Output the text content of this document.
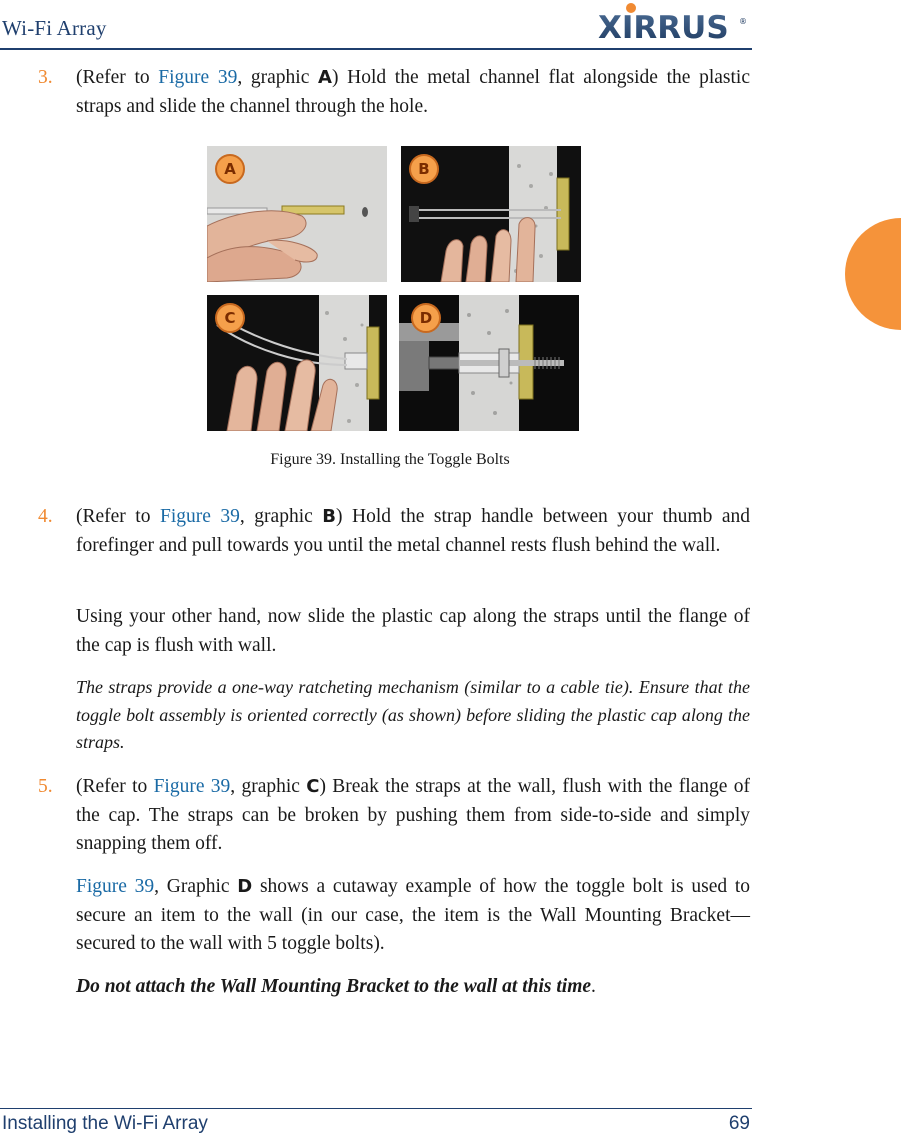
Wi-Fi Array	XIRRUS ®
3. (Refer to Figure 39, graphic A) Hold the metal channel flat alongside the plastic straps and slide the channel through the hole.
A	B
C	D
Figure 39. Installing the Toggle Bolts
4. (Refer to Figure 39, graphic B) Hold the strap handle between your thumb and forefinger and pull towards you until the metal channel rests flush behind the wall.
Using your other hand, now slide the plastic cap along the straps until the flange of the cap is flush with wall.
The straps provide a one-way ratcheting mechanism (similar to a cable tie). Ensure that the toggle bolt assembly is oriented correctly (as shown) before sliding the plastic cap along the straps.
5. (Refer to Figure 39, graphic C) Break the straps at the wall, flush with the flange of the cap. The straps can be broken by pushing them from side-to-side and simply snapping them off.
Figure 39, Graphic D shows a cutaway example of how the toggle bolt is used to secure an item to the wall (in our case, the item is the Wall Mounting Bracket—secured to the wall with 5 toggle bolts).
Do not attach the Wall Mounting Bracket to the wall at this time.
Installing the Wi-Fi Array	69
